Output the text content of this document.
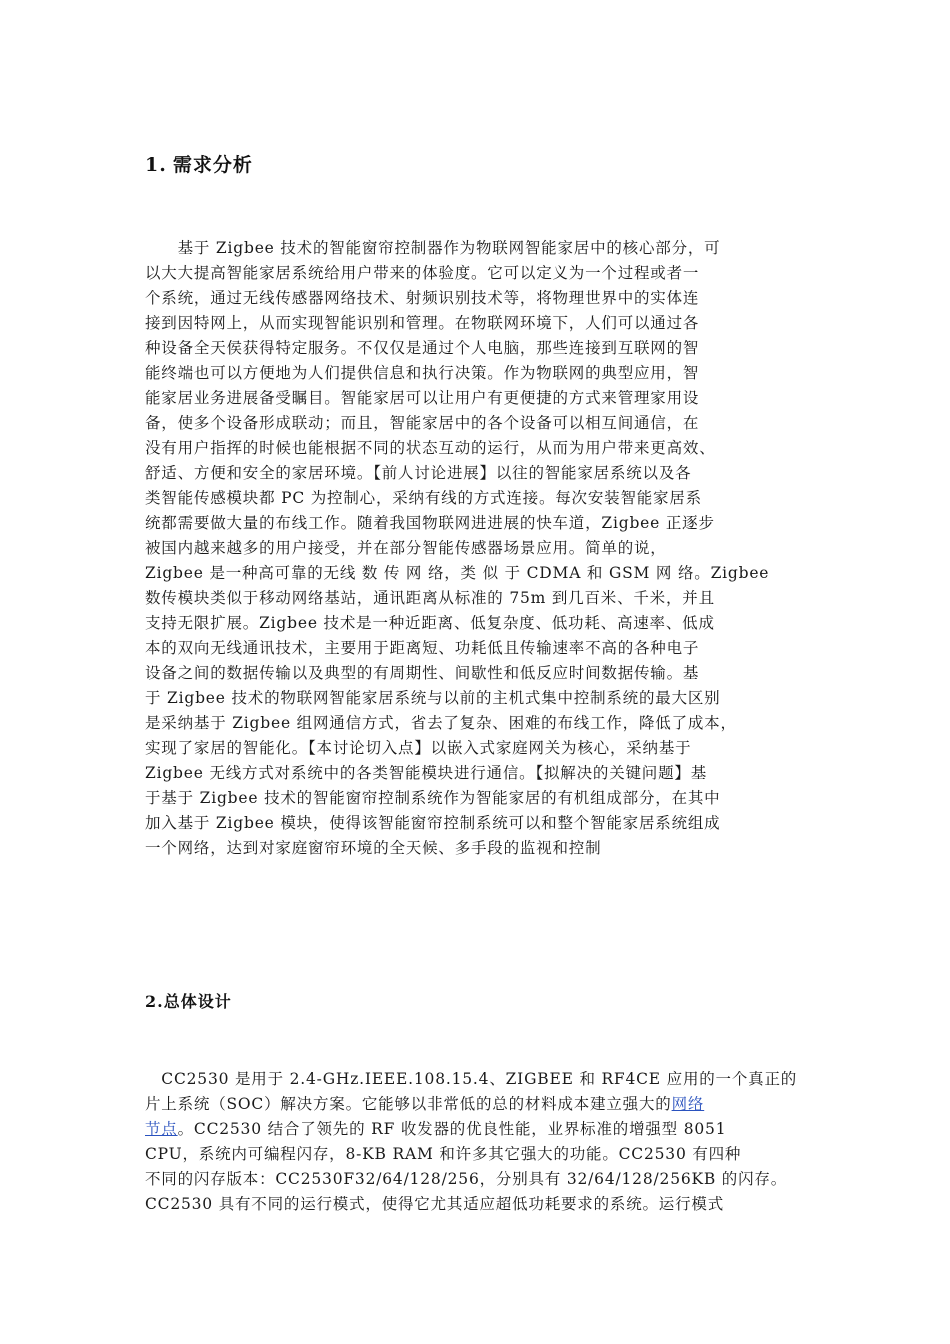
1. 需求分析
　　基于 Zigbee 技术的智能窗帘控制器作为物联网智能家居中的核心部分，可
以大大提高智能家居系统给用户带来的体验度。它可以定义为一个过程或者一
个系统，通过无线传感器网络技术、射频识别技术等，将物理世界中的实体连
接到因特网上，从而实现智能识别和管理。在物联网环境下，人们可以通过各
种设备全天侯获得特定服务。不仅仅是通过个人电脑，那些连接到互联网的智
能终端也可以方便地为人们提供信息和执行决策。作为物联网的典型应用，智
能家居业务进展备受瞩目。智能家居可以让用户有更便捷的方式来管理家用设
备，使多个设备形成联动；而且，智能家居中的各个设备可以相互间通信，在
没有用户指挥的时候也能根据不同的状态互动的运行，从而为用户带来更高效、
舒适、方便和安全的家居环境。【前人讨论进展】以往的智能家居系统以及各
类智能传感模块都 PC 为控制心，采纳有线的方式连接。每次安装智能家居系
统都需要做大量的布线工作。随着我国物联网进进展的快车道，Zigbee 正逐步
被国内越来越多的用户接受，并在部分智能传感器场景应用。简单的说，
Zigbee 是一种高可靠的无线 数 传 网 络，类 似 于 CDMA 和 GSM 网 络。Zigbee
数传模块类似于移动网络基站，通讯距离从标准的 75m 到几百米、千米，并且
支持无限扩展。Zigbee 技术是一种近距离、低复杂度、低功耗、高速率、低成
本的双向无线通讯技术，主要用于距离短、功耗低且传输速率不高的各种电子
设备之间的数据传输以及典型的有周期性、间歇性和低反应时间数据传输。基
于 Zigbee 技术的物联网智能家居系统与以前的主机式集中控制系统的最大区别
是采纳基于 Zigbee 组网通信方式，省去了复杂、困难的布线工作，降低了成本，
实现了家居的智能化。【本讨论切入点】以嵌入式家庭网关为核心，采纳基于
Zigbee 无线方式对系统中的各类智能模块进行通信。【拟解决的关键问题】基
于基于 Zigbee 技术的智能窗帘控制系统作为智能家居的有机组成部分，在其中
加入基于 Zigbee 模块，使得该智能窗帘控制系统可以和整个智能家居系统组成
一个网络，达到对家庭窗帘环境的全天候、多手段的监视和控制
2.总体设计
　CC2530 是用于 2.4-GHz.IEEE.108.15.4、ZIGBEE 和 RF4CE 应用的一个真正的
片上系统（SOC）解决方案。它能够以非常低的总的材料成本建立强大的网络
节点。CC2530 结合了领先的 RF 收发器的优良性能，业界标准的增强型 8051
CPU，系统内可编程闪存，8-KB RAM 和许多其它强大的功能。CC2530 有四种
不同的闪存版本：CC2530F32/64/128/256，分别具有 32/64/128/256KB 的闪存。
CC2530 具有不同的运行模式，使得它尤其适应超低功耗要求的系统。运行模式
